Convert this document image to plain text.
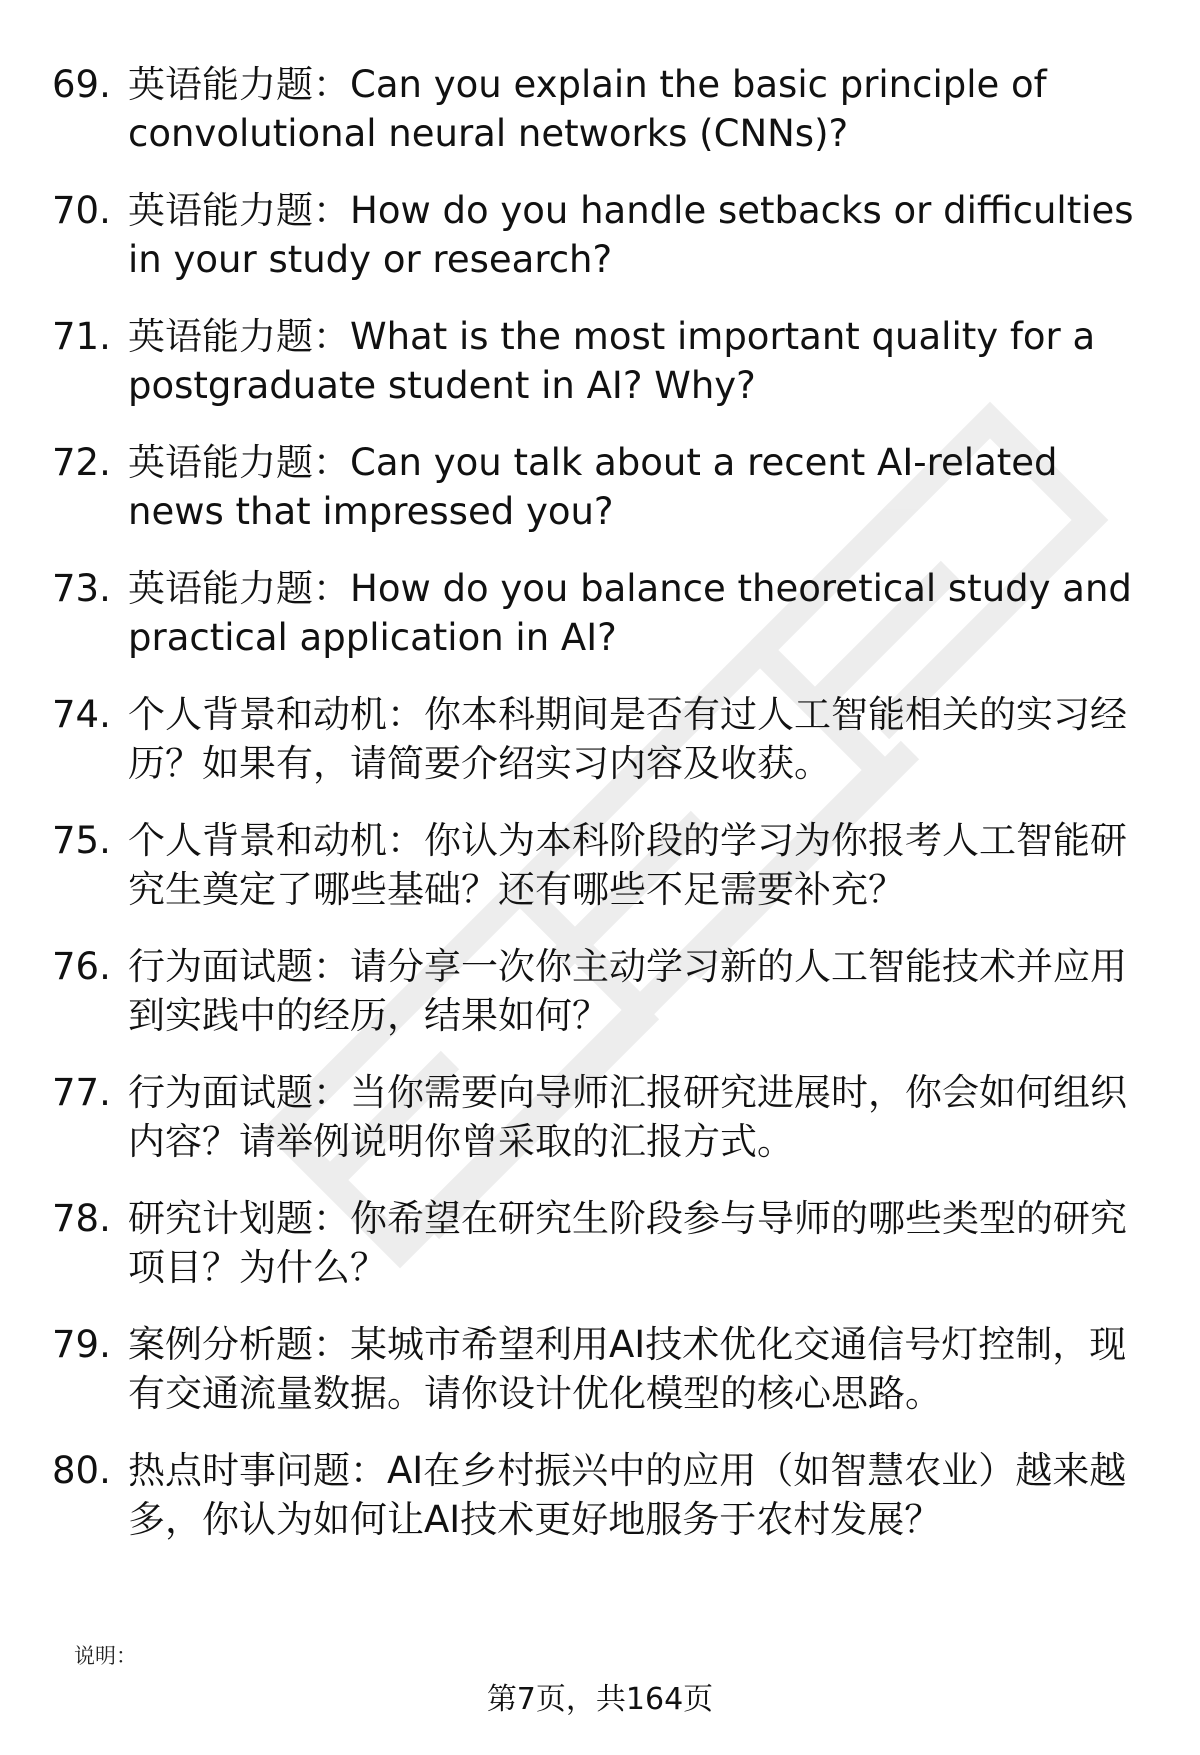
69. 英语能力题：Can you explain the basic principle of convolutional neural networks (CNNs)?
70. 英语能力题：How do you handle setbacks or difficulties in your study or research?
71. 英语能力题：What is the most important quality for a postgraduate student in AI? Why?
72. 英语能力题：Can you talk about a recent AI-related news that impressed you?
73. 英语能力题：How do you balance theoretical study and practical application in AI?
74. 个人背景和动机：你本科期间是否有过人工智能相关的实习经历？如果有，请简要介绍实习内容及收获。
75. 个人背景和动机：你认为本科阶段的学习为你报考人工智能研究生奠定了哪些基础？还有哪些不足需要补充？
76. 行为面试题：请分享一次你主动学习新的人工智能技术并应用到实践中的经历，结果如何？
77. 行为面试题：当你需要向导师汇报研究进展时，你会如何组织内容？请举例说明你曾采取的汇报方式。
78. 研究计划题：你希望在研究生阶段参与导师的哪些类型的研究项目？为什么？
79. 案例分析题：某城市希望利用AI技术优化交通信号灯控制，现有交通流量数据。请你设计优化模型的核心思路。
80. 热点时事问题：AI在乡村振兴中的应用（如智慧农业）越来越多，你认为如何让AI技术更好地服务于农村发展？
说明：
第7页，共164页
